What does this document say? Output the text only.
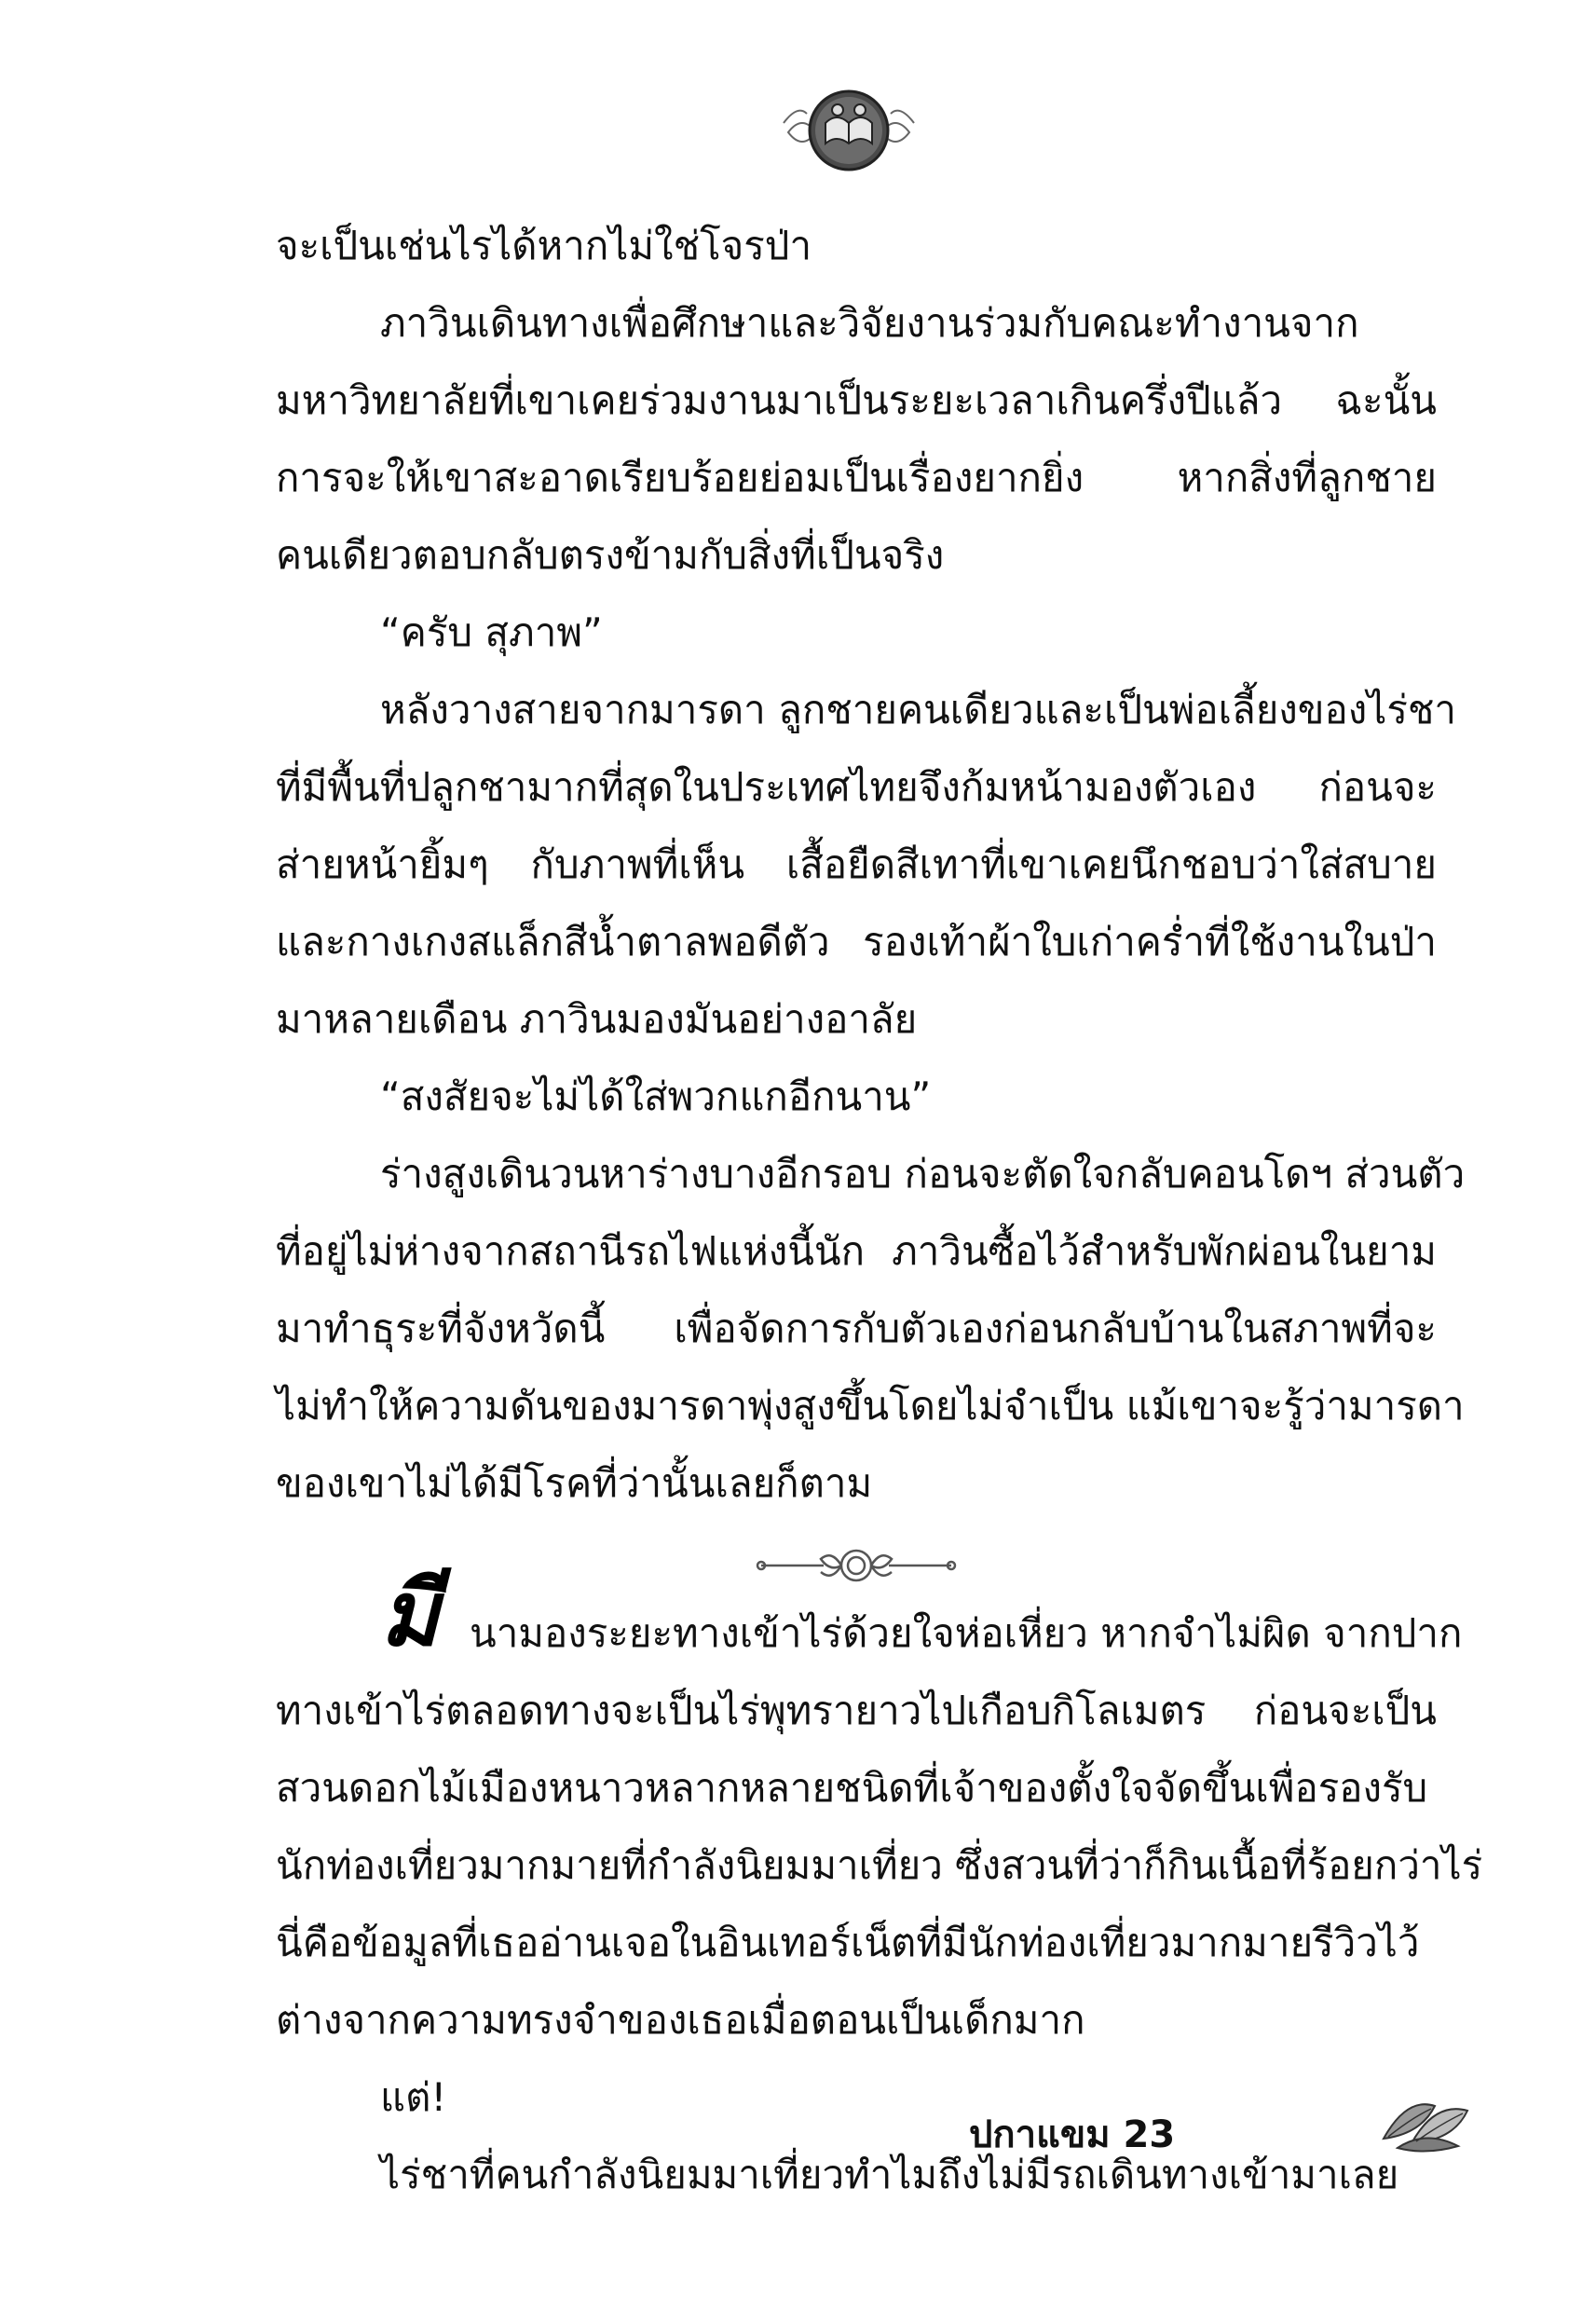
จะเป็นเช่นไรได้หากไม่ใช่โจรป่า
ภาวินเดินทางเพื่อศึกษาและวิจัยงานร่วมกับคณะทำงานจาก
มหาวิทยาลัยที่เขาเคยร่วมงานมาเป็นระยะเวลาเกินครึ่งปีแล้ว ฉะนั้น
การจะให้เขาสะอาดเรียบร้อยย่อมเป็นเรื่องยากยิ่ง หากสิ่งที่ลูกชาย
คนเดียวตอบกลับตรงข้ามกับสิ่งที่เป็นจริง
“ครับ สุภาพ”
หลังวางสายจากมารดา ลูกชายคนเดียวและเป็นพ่อเลี้ยงของไร่ชา
ที่มีพื้นที่ปลูกชามากที่สุดในประเทศไทยจึงก้มหน้ามองตัวเอง ก่อนจะ
ส่ายหน้ายิ้มๆ กับภาพที่เห็น เสื้อยืดสีเทาที่เขาเคยนึกชอบว่าใส่สบาย
และกางเกงสแล็กสีน้ำตาลพอดีตัว รองเท้าผ้าใบเก่าคร่ำที่ใช้งานในป่า
มาหลายเดือน ภาวินมองมันอย่างอาลัย
“สงสัยจะไม่ได้ใส่พวกแกอีกนาน”
ร่างสูงเดินวนหาร่างบางอีกรอบ ก่อนจะตัดใจกลับคอนโดฯ ส่วนตัว
ที่อยู่ไม่ห่างจากสถานีรถไฟแห่งนี้นัก ภาวินซื้อไว้สำหรับพักผ่อนในยาม
มาทำธุระที่จังหวัดนี้ เพื่อจัดการกับตัวเองก่อนกลับบ้านในสภาพที่จะ
ไม่ทำให้ความดันของมารดาพุ่งสูงขึ้นโดยไม่จำเป็น แม้เขาจะรู้ว่ามารดา
ของเขาไม่ได้มีโรคที่ว่านั้นเลยก็ตาม
มี นามองระยะทางเข้าไร่ด้วยใจห่อเหี่ยว หากจำไม่ผิด จากปาก
ทางเข้าไร่ตลอดทางจะเป็นไร่พุทรายาวไปเกือบกิโลเมตร ก่อนจะเป็น
สวนดอกไม้เมืองหนาวหลากหลายชนิดที่เจ้าของตั้งใจจัดขึ้นเพื่อรองรับ
นักท่องเที่ยวมากมายที่กำลังนิยมมาเที่ยว ซึ่งสวนที่ว่าก็กินเนื้อที่ร้อยกว่าไร่
นี่คือข้อมูลที่เธออ่านเจอในอินเทอร์เน็ตที่มีนักท่องเที่ยวมากมายรีวิวไว้
ต่างจากความทรงจำของเธอเมื่อตอนเป็นเด็กมาก
แต่!
ไร่ชาที่คนกำลังนิยมมาเที่ยวทำไมถึงไม่มีรถเดินทางเข้ามาเลย
ปกาแขม 23
